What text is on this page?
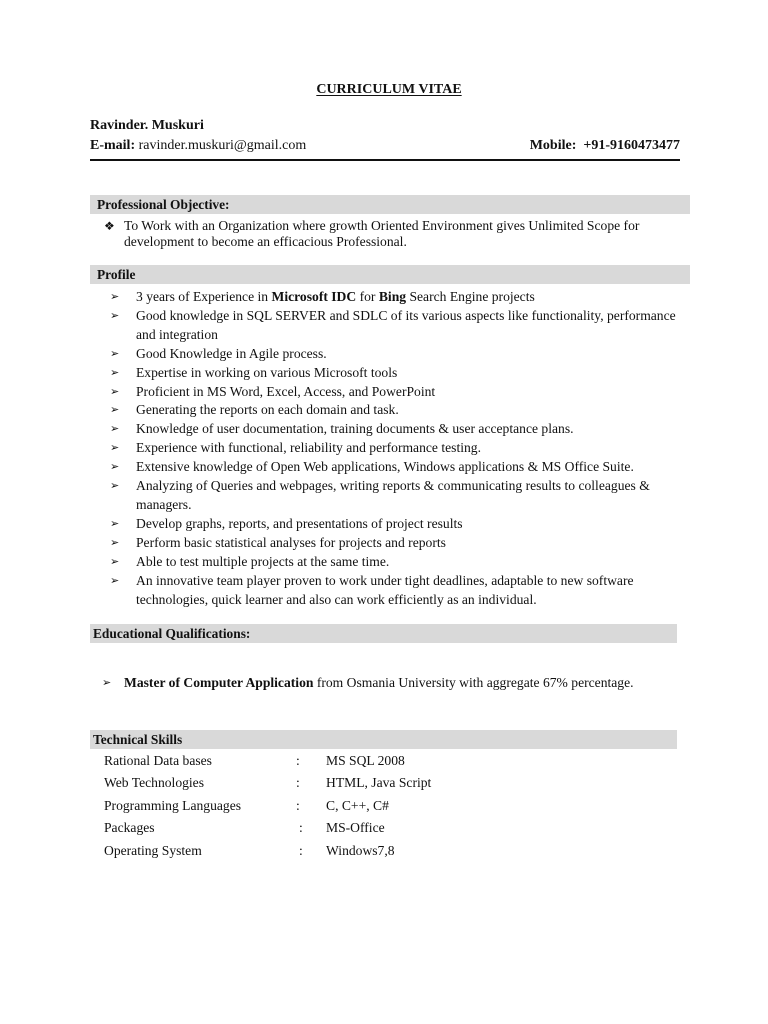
CURRICULUM VITAE
Ravinder. Muskuri
E-mail: ravinder.muskuri@gmail.com	Mobile: +91-9160473477
Professional Objective:
❖ To Work with an Organization where growth Oriented Environment gives Unlimited Scope for development to become an efficacious Professional.
Profile
➢ 3 years of Experience in Microsoft IDC for Bing Search Engine projects
➢ Good knowledge in SQL SERVER and SDLC of its various aspects like functionality, performance and integration
➢ Good Knowledge in Agile process.
➢ Expertise in working on various Microsoft tools
➢ Proficient in MS Word, Excel, Access, and PowerPoint
➢ Generating the reports on each domain and task.
➢ Knowledge of user documentation, training documents & user acceptance plans.
➢ Experience with functional, reliability and performance testing.
➢ Extensive knowledge of Open Web applications, Windows applications & MS Office Suite.
➢ Analyzing of Queries and webpages, writing reports & communicating results to colleagues & managers.
➢ Develop graphs, reports, and presentations of project results
➢ Perform basic statistical analyses for projects and reports
➢ Able to test multiple projects at the same time.
➢ An innovative team player proven to work under tight deadlines, adaptable to new software technologies, quick learner and also can work efficiently as an individual.
Educational Qualifications:
➢ Master of Computer Application from Osmania University with aggregate 67% percentage.
Technical Skills
Rational Data bases	: MS SQL 2008
Web Technologies	: HTML, Java Script
Programming Languages	: C, C++, C#
Packages	: MS-Office
Operating System	: Windows7,8
